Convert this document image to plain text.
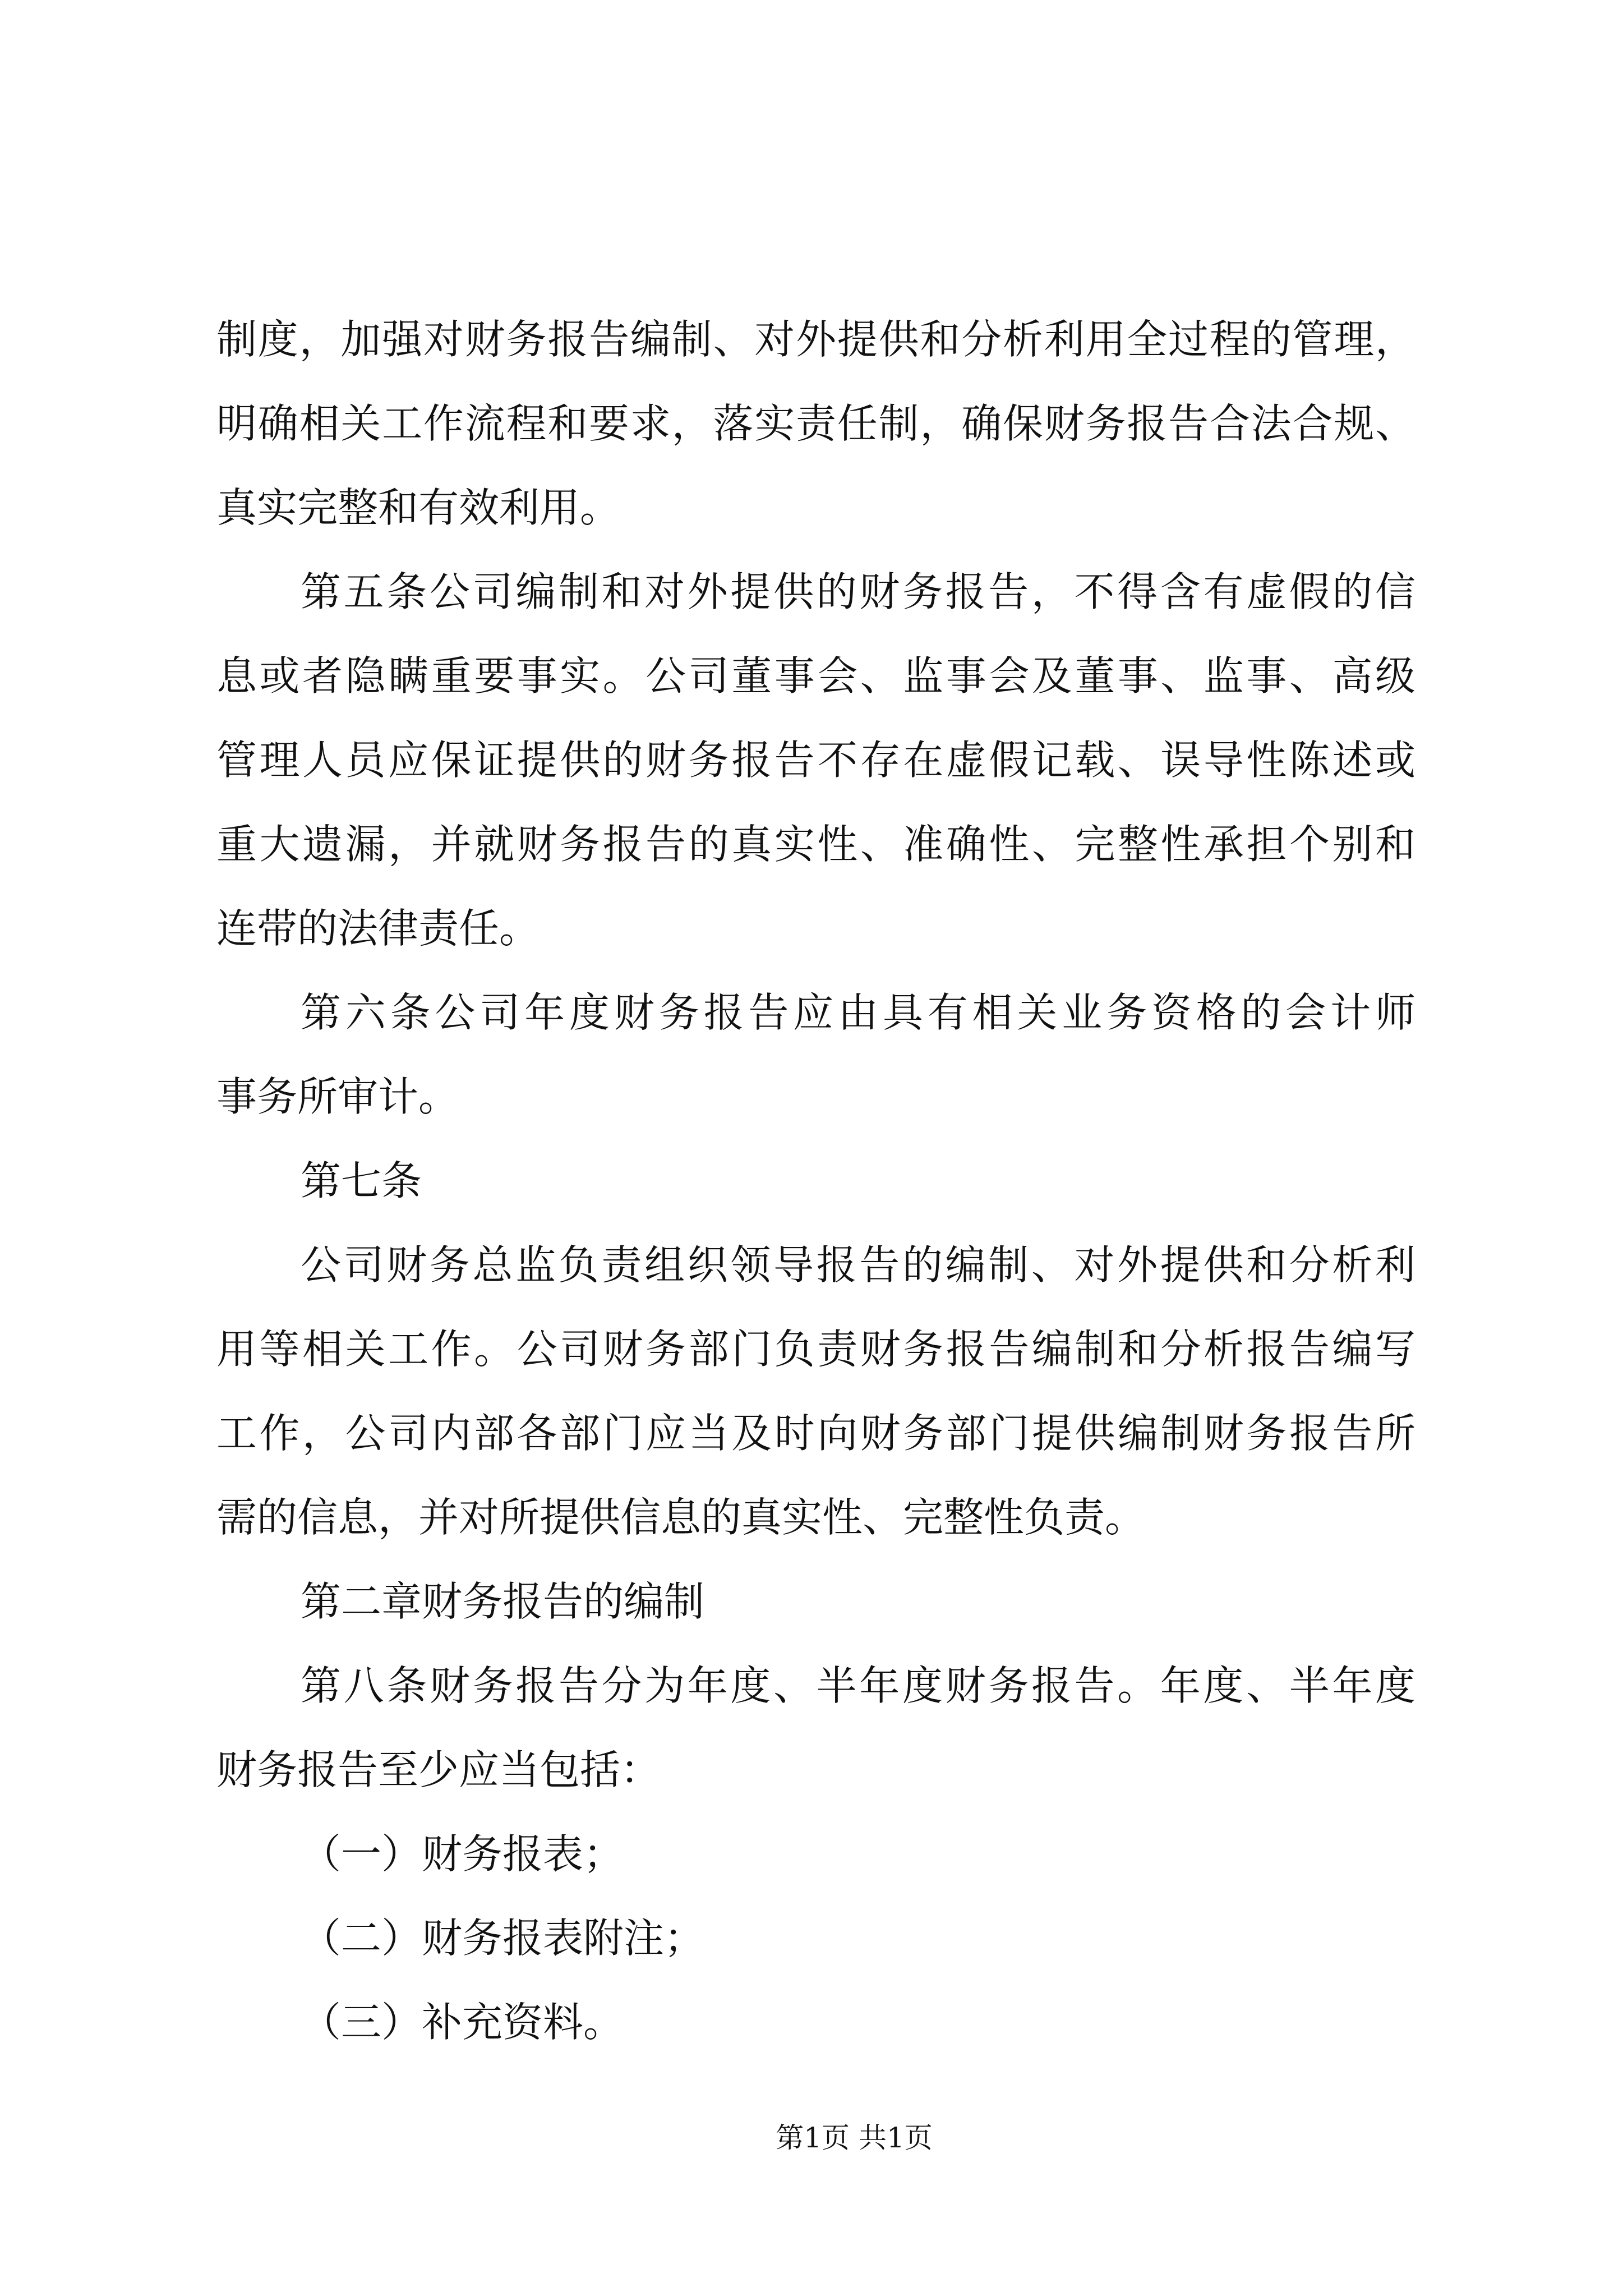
制度，加强对财务报告编制、对外提供和分析利用全过程的管理，
明确相关工作流程和要求，落实责任制，确保财务报告合法合规、
真实完整和有效利用。
第五条公司编制和对外提供的财务报告，不得含有虚假的信
息或者隐瞒重要事实。公司董事会、监事会及董事、监事、高级
管理人员应保证提供的财务报告不存在虚假记载、误导性陈述或
重大遗漏，并就财务报告的真实性、准确性、完整性承担个别和
连带的法律责任。
第六条公司年度财务报告应由具有相关业务资格的会计师
事务所审计。
第七条
公司财务总监负责组织领导报告的编制、对外提供和分析利
用等相关工作。公司财务部门负责财务报告编制和分析报告编写
工作，公司内部各部门应当及时向财务部门提供编制财务报告所
需的信息，并对所提供信息的真实性、完整性负责。
第二章财务报告的编制
第八条财务报告分为年度、半年度财务报告。年度、半年度
财务报告至少应当包括：
（一）财务报表；
（二）财务报表附注；
（三）补充资料。
第1页 共1页
